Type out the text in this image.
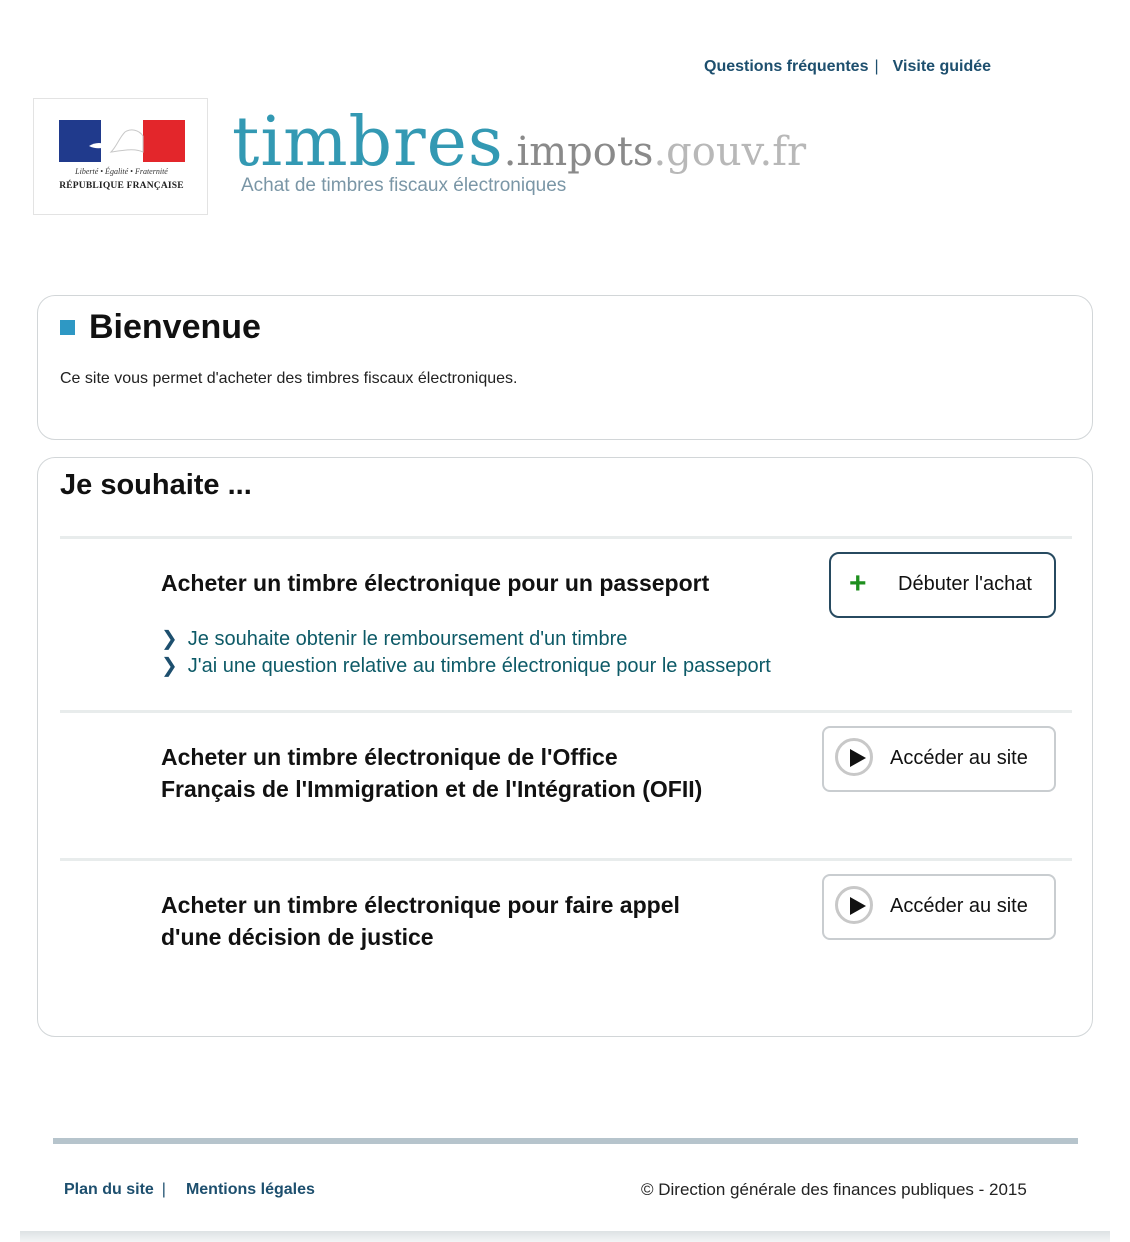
Questions fréquentes | Visite guidée
Liberté • Égalité • Fraternité
RÉPUBLIQUE FRANÇAISE
timbres.impots.gouv.fr
Achat de timbres fiscaux électroniques
Bienvenue
Ce site vous permet d'acheter des timbres fiscaux électroniques.
Je souhaite ...
Acheter un timbre électronique pour un passeport	+ Débuter l'achat
❯ Je souhaite obtenir le remboursement d'un timbre
❯ J'ai une question relative au timbre électronique pour le passeport
Acheter un timbre électronique de l'Office
Français de l'Immigration et de l'Intégration (OFII)
Accéder au site
Acheter un timbre électronique pour faire appel
d'une décision de justice
Accéder au site
Plan du site | Mentions légales	© Direction générale des finances publiques - 2015
